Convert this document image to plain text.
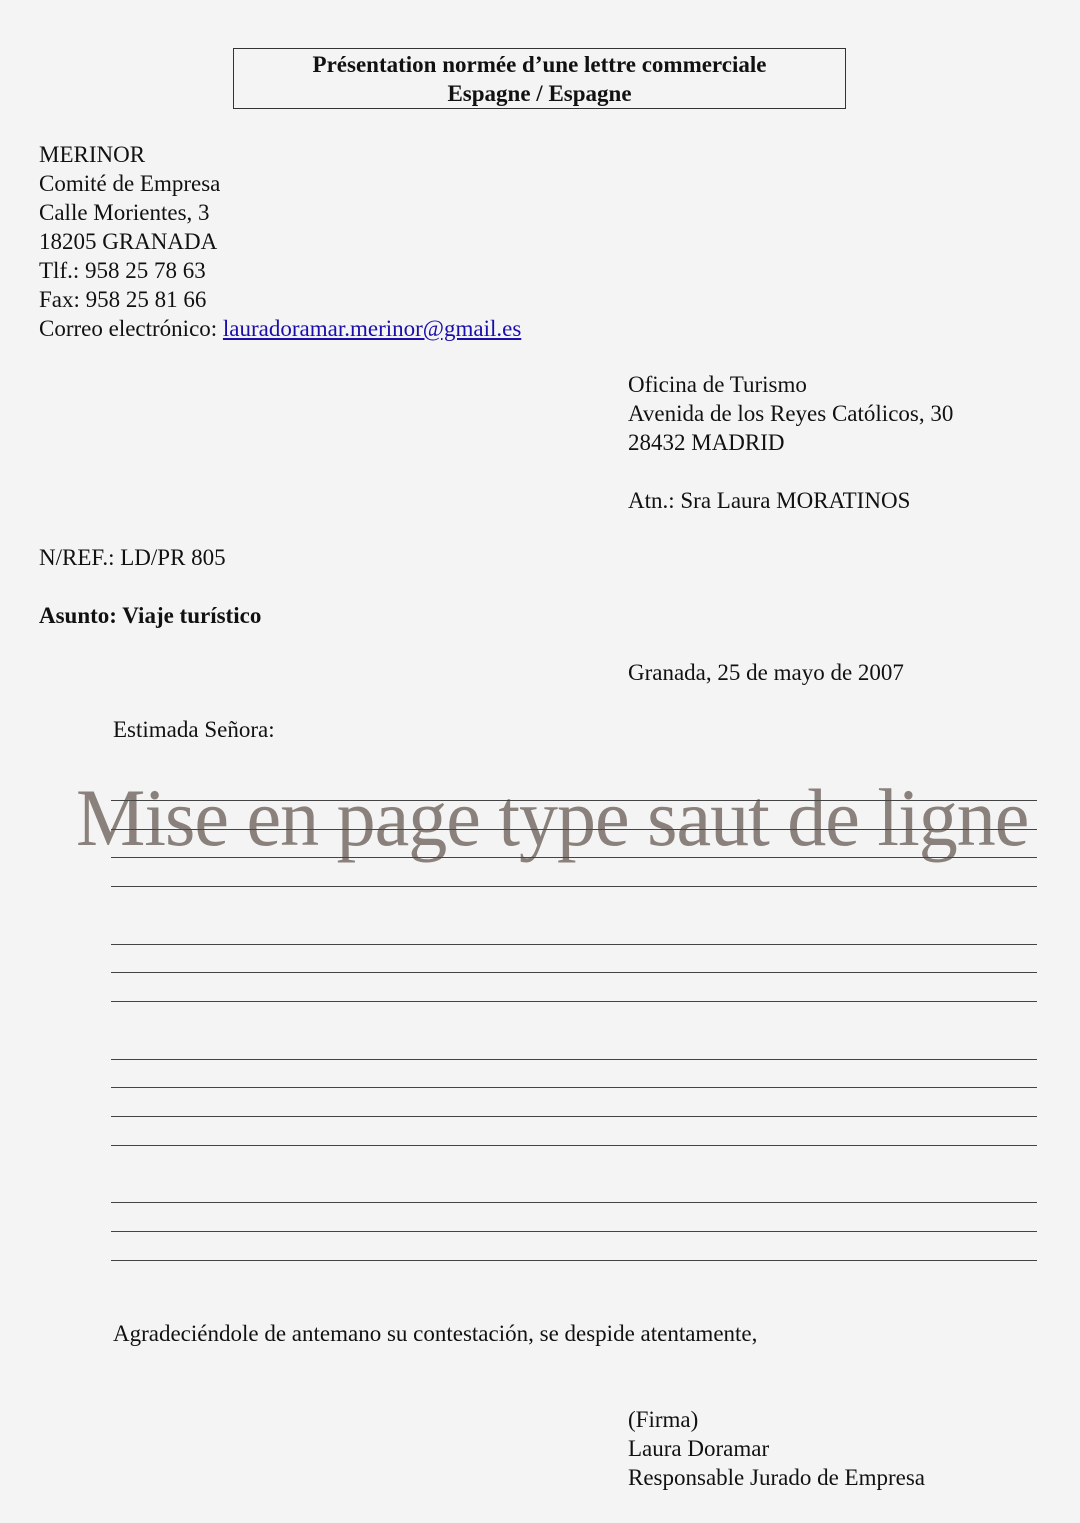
Présentation normée d’une lettre commerciale
Espagne / Espagne
MERINOR
Comité de Empresa
Calle Morientes, 3
18205 GRANADA
Tlf.: 958 25 78 63
Fax: 958 25 81 66
Correo electrónico: lauradoramar.merinor@gmail.es
Oficina de Turismo
Avenida de los Reyes Católicos, 30
28432 MADRID

Atn.: Sra Laura MORATINOS
N/REF.: LD/PR 805
Asunto: Viaje turístico
Granada, 25 de mayo de 2007
Estimada Señora:
Mise en page type saut de ligne
Agradeciéndole de antemano su contestación, se despide atentamente,
(Firma)
Laura Doramar
Responsable Jurado de Empresa
